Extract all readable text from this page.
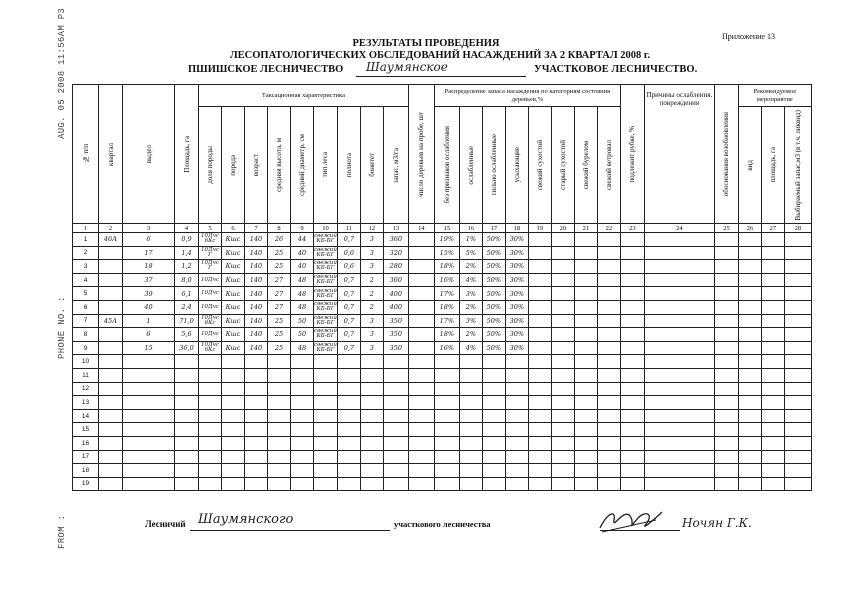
AUG. 05 2008 11:56AM P3
PHONE NO. :
FROM :
Приложение 13
РЕЗУЛЬТАТЫ ПРОВЕДЕНИЯ
ЛЕСОПАТОЛОГИЧЕСКИХ ОБСЛЕДОВАНИЙ НАСАЖДЕНИЙ ЗА 2 КВАРТАЛ 2008 г.
ПШИШСКОЕ ЛЕСНИЧЕСТВО Шаумянское	УЧАСТКОВОЕ ЛЕСНИЧЕСТВО.
№ п/п	квартал	выдел	Площадь, га	Таксационная характеристика									число деревьев на пробе, шт	Распределение запаса насаждения по категориям состояния деревьев,%								подлежит рубке, %	Причины ослабления, повреждения	обоснования возобновления	Рекомендуемое мероприятие		

				доля породы	порода	возраст	средняя высота, м	средний диаметр, см	тип леса	полнота	бонитет	запас, м3/га		без признаков ослабления	ослабленные	сильно ослабленные	усыхающие	свежий сухостой	старый сухостой	свежий бурелом	свежий ветровал				вид	площадь, га	Выбираемый запас,м3 (в т.ч. ликвид)

1	2	3	4	5	6	7	8	9	10	11	12	13	14	15	16	17	18	19	20	21	22	23	24	25	26	27	28
1	46А	6	0,9	10Дчс 6Кс	Кшс	140	26	44	свежий КБ-БГ	0,7	3	360		19%	1%	50%	30%										
2		17	1,4	10Дчс Г	Кшс	140	25	40	свежий КБ-БГ	0,6	3	320		15%	5%	50%	30%										
3		18	1,2	10Дчс Г	Кшс	140	25	40	свежий КБ-БГ	0,6	3	280		18%	2%	50%	30%										
4		37	8,0	10Дчс	Кшс	140	27	48	свежий КБ-БГ	0,7	2	360		16%	4%	50%	30%										
5		39	6,1	10Дчс	Кшс	140	27	48	свежий КБ-БГ	0,7	2	400		17%	3%	50%	30%										
6		40	2,4	10Дчс	Кшс	140	27	48	свежий КБ-БГ	0,7	2	400		18%	2%	50%	30%										
7	45А	1	71,0	10Дчс 6Кс	Кшс	140	25	50	свежий КБ-БГ	0,7	3	350		17%	3%	50%	30%										
8		6	5,6	10Дчс	Кшс	140	25	50	свежий КБ-БГ	0,7	3	350		18%	2%	50%	30%										
9		15	36,0	10Дчс 6Кс	Кшс	140	25	48	свежий КБ-БГ	0,7	3	350		16%	4%	50%	30%										
10																											
11																											
12																											
13																											
14																											
15																											
16																											
17																											
18																											
19																											
Лесничий Шаумянского	участкового лесничества	Ночян Г.К.
